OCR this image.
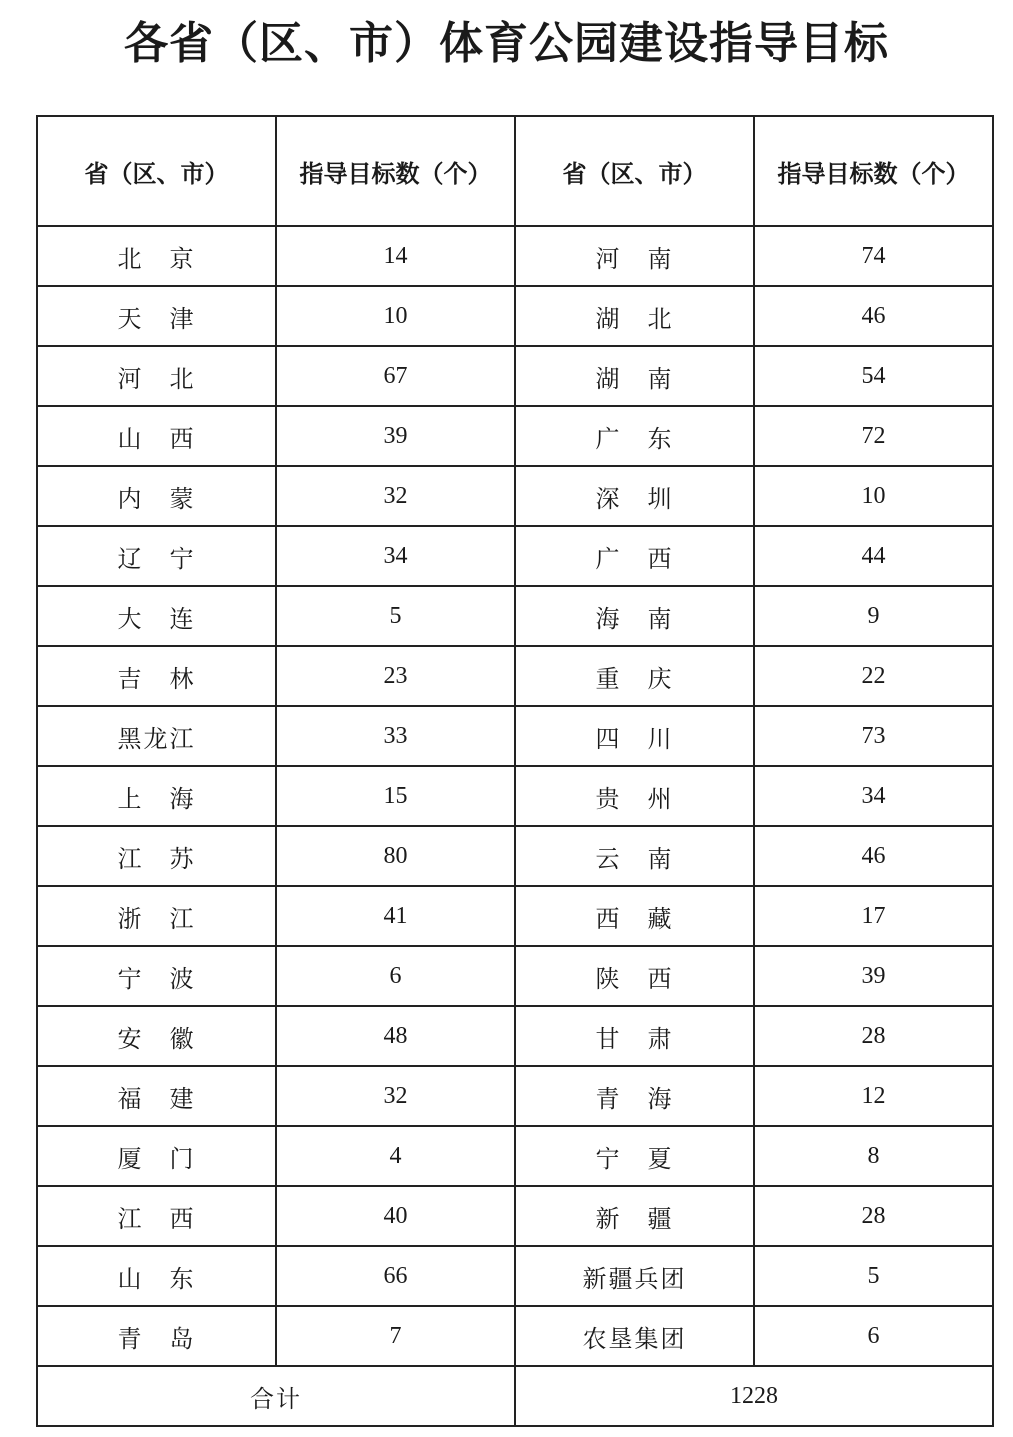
各省（区、市）体育公园建设指导目标
省（区、市）	指导目标数（个）	省（区、市）	指导目标数（个）
北　京	14	河　南	74
天　津	10	湖　北	46
河　北	67	湖　南	54
山　西	39	广　东	72
内　蒙	32	深　圳	10
辽　宁	34	广　西	44
大　连	5	海　南	9
吉　林	23	重　庆	22
黑龙江	33	四　川	73
上　海	15	贵　州	34
江　苏	80	云　南	46
浙　江	41	西　藏	17
宁　波	6	陕　西	39
安　徽	48	甘　肃	28
福　建	32	青　海	12
厦　门	4	宁　夏	8
江　西	40	新　疆	28
山　东	66	新疆兵团	5
青　岛	7	农垦集团	6
合计		1228	
